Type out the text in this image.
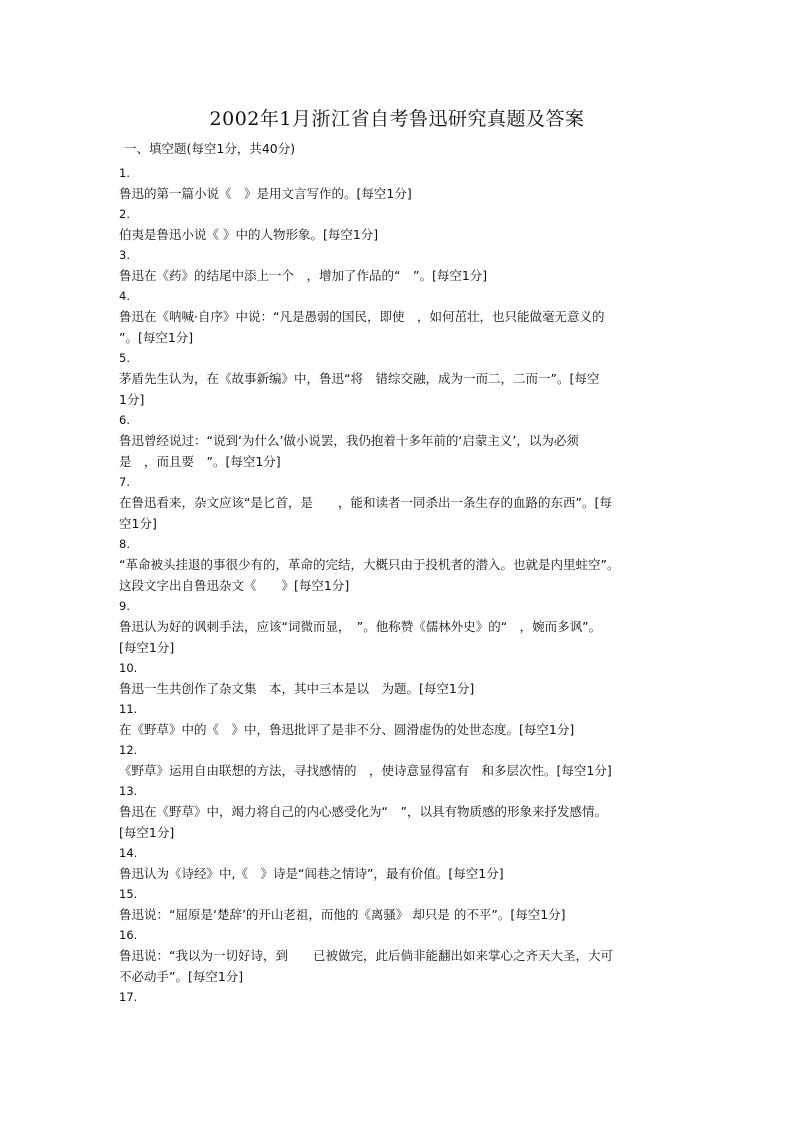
2002年1月浙江省自考鲁迅研究真题及答案
一、填空题(每空1分，共40分)
1.
鲁迅的第一篇小说《　》是用文言写作的。[每空1分]
2.
伯夷是鲁迅小说《 》中的人物形象。[每空1分]
3.
鲁迅在《药》的结尾中添上一个　，增加了作品的“　”。[每空1分]
4.
鲁迅在《呐喊·自序》中说：“凡是愚弱的国民，即使　，如何茁壮，也只能做毫无意义的
”。[每空1分]
5.
茅盾先生认为，在《故事新编》中，鲁迅“将　错综交融，成为一而二，二而一”。[每空
1分]
6.
鲁迅曾经说过：“说到‘为什么’做小说罢，我仍抱着十多年前的‘启蒙主义’，以为必须
是　，而且要　”。[每空1分]
7.
在鲁迅看来，杂文应该“是匕首，是　　，能和读者一同杀出一条生存的血路的东西”。[每
空1分]
8.
“革命被头挂退的事很少有的，革命的完结，大概只由于投机者的潜入。也就是内里蛀空”。
这段文字出自鲁迅杂文《　　》[每空1分]
9.
鲁迅认为好的讽刺手法，应该“词微而显，　”。他称赞《儒林外史》的“　，婉而多讽”。
[每空1分]
10.
鲁迅一生共创作了杂文集　本，其中三本是以　为题。[每空1分]
11.
在《野草》中的《　》中，鲁迅批评了是非不分、圆滑虚伪的处世态度。[每空1分]
12.
《野草》运用自由联想的方法，寻找感情的　，使诗意显得富有　和多层次性。[每空1分]
13.
鲁迅在《野草》中，竭力将自己的内心感受化为“　”，以具有物质感的形象来抒发感情。
[每空1分]
14.
鲁迅认为《诗经》中,《　》诗是“闾巷之情诗”，最有价值。[每空1分]
15.
鲁迅说：“屈原是‘楚辞’的开山老祖，而他的《离骚》 却只是 的不平”。[每空1分]
16.
鲁迅说：“我以为一切好诗，到　　已被做完，此后倘非能翻出如来掌心之齐天大圣，大可
不必动手”。[每空1分]
17.
